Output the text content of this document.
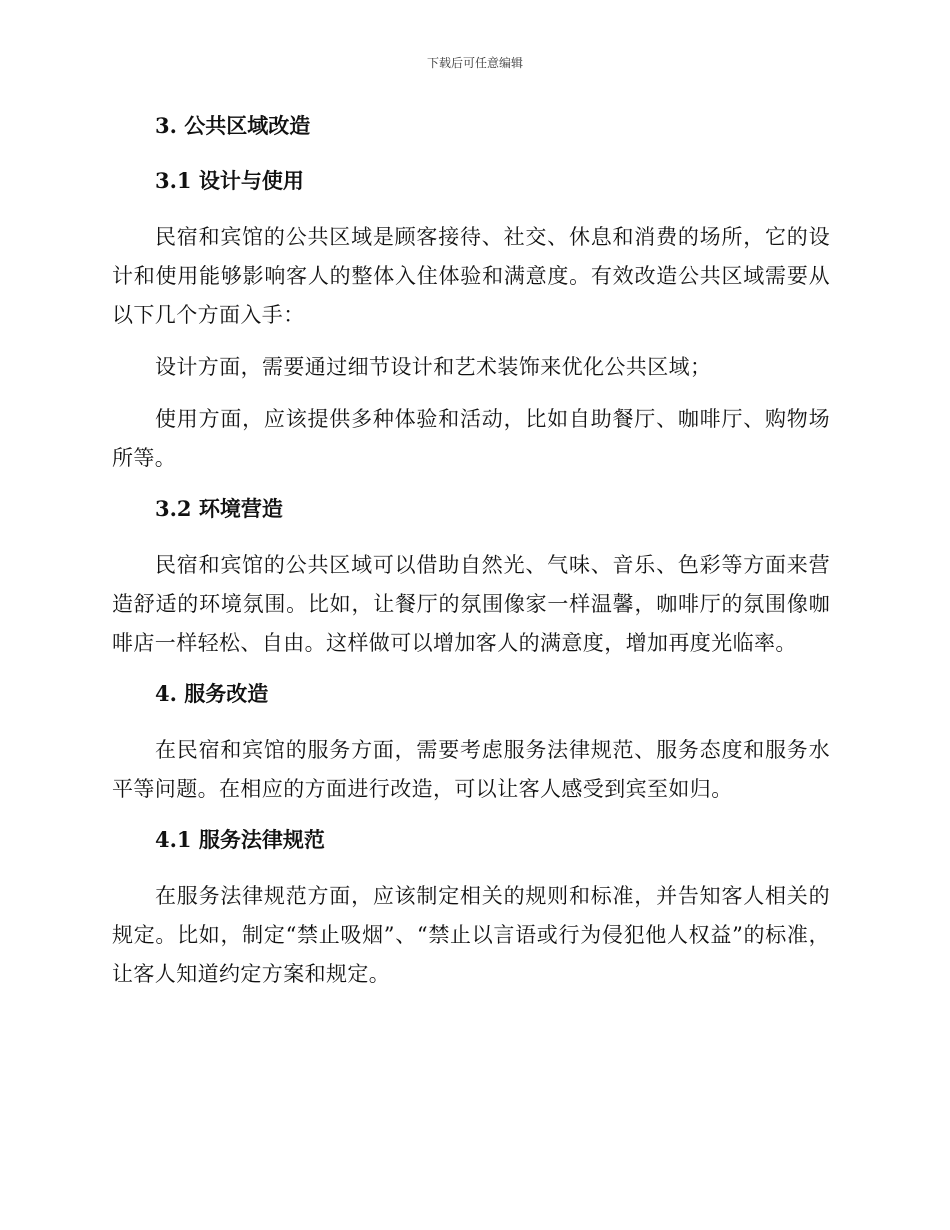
下载后可任意编辑
3. 公共区域改造
3.1 设计与使用
民宿和宾馆的公共区域是顾客接待、社交、休息和消费的场所，它的设计和使用能够影响客人的整体入住体验和满意度。有效改造公共区域需要从以下几个方面入手：
设计方面，需要通过细节设计和艺术装饰来优化公共区域；
使用方面，应该提供多种体验和活动，比如自助餐厅、咖啡厅、购物场所等。
3.2 环境营造
民宿和宾馆的公共区域可以借助自然光、气味、音乐、色彩等方面来营造舒适的环境氛围。比如，让餐厅的氛围像家一样温馨，咖啡厅的氛围像咖啡店一样轻松、自由。这样做可以增加客人的满意度，增加再度光临率。
4. 服务改造
在民宿和宾馆的服务方面，需要考虑服务法律规范、服务态度和服务水平等问题。在相应的方面进行改造，可以让客人感受到宾至如归。
4.1 服务法律规范
在服务法律规范方面，应该制定相关的规则和标准，并告知客人相关的规定。比如，制定“禁止吸烟”、“禁止以言语或行为侵犯他人权益”的标准，让客人知道约定方案和规定。
